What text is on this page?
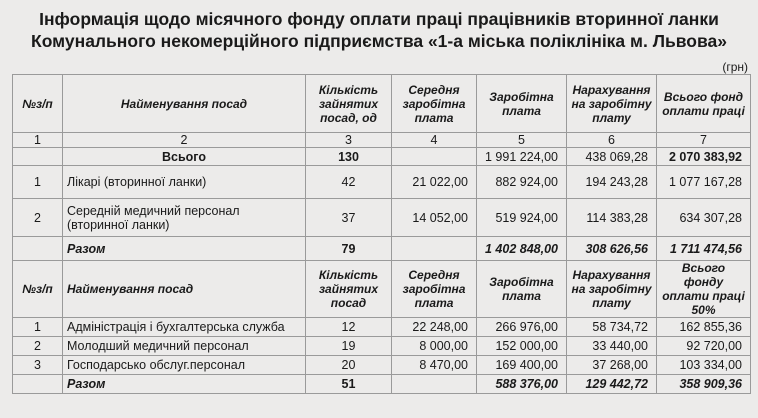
Інформація щодо місячного фонду оплати праці працівників вторинної ланки
Комунального некомерційного підприємства «1-а міська поліклініка м. Львова»
(грн)
№з/п	Найменування посад	Кількість зайнятих посад, од	Середня заробітна плата	Заробітна плата	Нарахування на заробітну плату	Всього фонд оплати праці
1	2	3	4	5	6	7
	Всього	130		1 991 224,00	438 069,28	2 070 383,92
1	Лікарі (вторинної ланки)	42	21 022,00	882 924,00	194 243,28	1 077 167,28
2	Середній медичний персонал (вторинної ланки)	37	14 052,00	519 924,00	114 383,28	634 307,28
	Разом	79		1 402 848,00	308 626,56	1 711 474,56
№з/п	Найменування посад	Кількість зайнятих посад	Середня заробітна плата	Заробітна плата	Нарахування на заробітну плату	Всього фонду оплати праці 50%
1	Адміністрація і бухгалтерська служба	12	22 248,00	266 976,00	58 734,72	162 855,36
2	Молодший медичний персонал	19	8 000,00	152 000,00	33 440,00	92 720,00
3	Господарсько обслуг.персонал	20	8 470,00	169 400,00	37 268,00	103 334,00
	Разом	51		588 376,00	129 442,72	358 909,36
